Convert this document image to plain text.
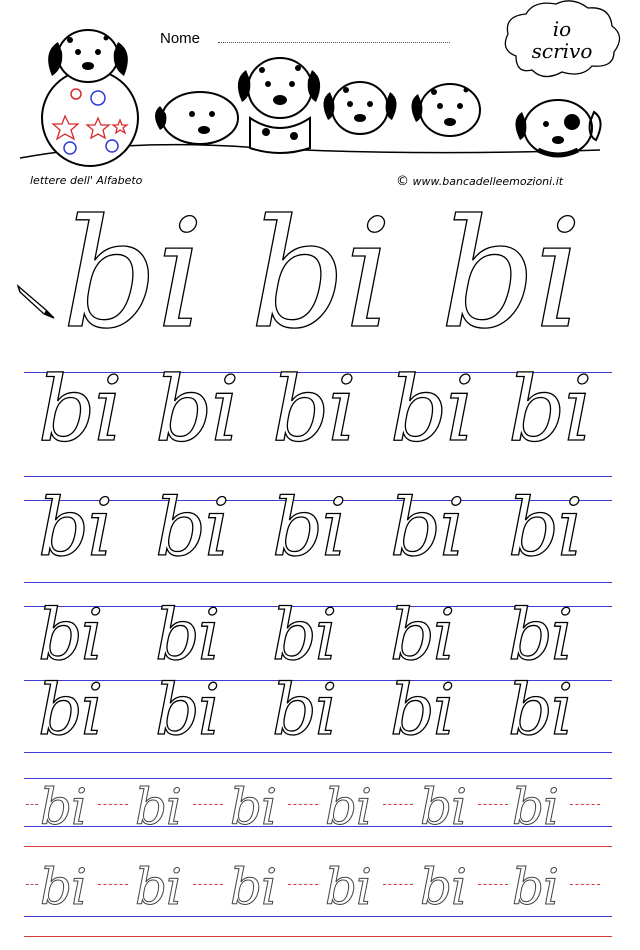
Nome	io
scrivo
lettere dell' Alfabeto	© www.bancadelleemozioni.it
bi bi bi
bi bi bi bi bi
bi bi bi bi bi
bi bi bi bi bi
bi bi bi bi bi
bi bi bi bi bi bi
bi bi bi bi bi bi
